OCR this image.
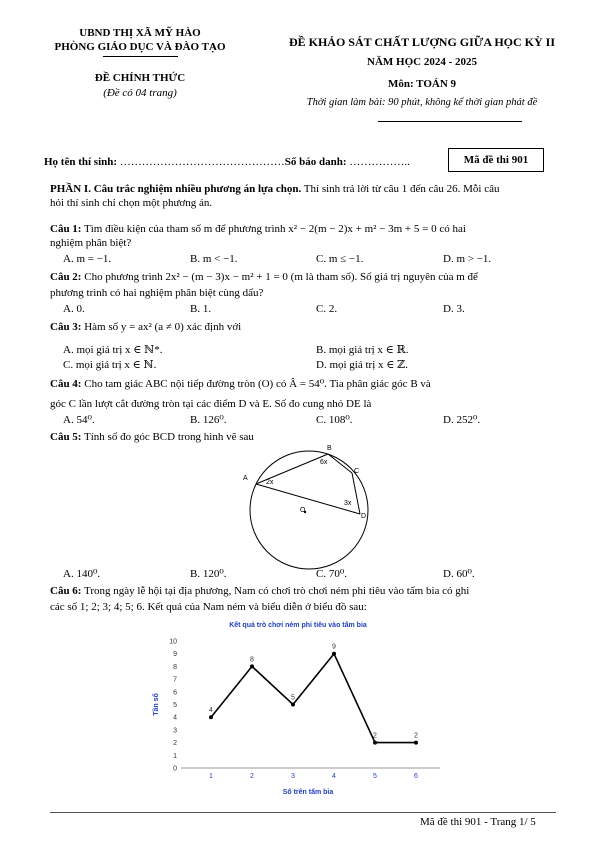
UBND THỊ XÃ MỸ HÀO
PHÒNG GIÁO DỤC VÀ ĐÀO TẠO
ĐỀ CHÍNH THỨC
(Đề có 04 trang)
ĐỀ KHẢO SÁT CHẤT LƯỢNG GIỮA HỌC KỲ II
NĂM HỌC 2024 - 2025
Môn: TOÁN 9
Thời gian làm bài: 90 phút, không kể thời gian phát đề
Họ tên thí sinh: ………………………………………Số báo danh: ……………..	Mã đề thi 901
PHẦN I. Câu trắc nghiệm nhiều phương án lựa chọn. Thí sinh trả lời từ câu 1 đến câu 26. Mỗi câu
hỏi thí sinh chỉ chọn một phương án.
Câu 1: Tìm điều kiện của tham số m để phương trình x² − 2(m − 2)x + m² − 3m + 5 = 0 có hai
nghiệm phân biệt?
A. m = −1.	B. m < −1.	C. m ≤ −1.	D. m > −1.
Câu 2: Cho phương trình 2x² − (m − 3)x − m² + 1 = 0 (m là tham số). Số giá trị nguyên của m để
phương trình có hai nghiệm phân biệt cùng dấu?
A. 0.	B. 1.	C. 2.	D. 3.
Câu 3: Hàm số y = ax² (a ≠ 0) xác định với
A. mọi giá trị x ∈ ℕ*.	B. mọi giá trị x ∈ ℝ.
C. mọi giá trị x ∈ ℕ.	D. mọi giá trị x ∈ ℤ.
Câu 4: Cho tam giác ABC nội tiếp đường tròn (O) có Â = 54⁰. Tia phân giác góc B và
góc C lần lượt cắt đường tròn tại các điểm D và E. Số đo cung nhỏ DE là
A. 54⁰.	B. 126⁰.	C. 108⁰.	D. 252⁰.
Câu 5: Tính số đo góc BCD trong hình vẽ sau
A
B
C
D
O
2x
6x
3x
A. 140⁰.	B. 120⁰.	C. 70⁰.	D. 60⁰.
Câu 6: Trong ngày lễ hội tại địa phương, Nam có chơi trò chơi ném phi tiêu vào tấm bia có ghi
các số 1; 2; 3; 4; 5; 6. Kết quả của Nam ném và biểu diễn ở biểu đồ sau:
Kết quả trò chơi ném phi tiêu vào tấm bia
Tần số
Số trên tấm bia
0
1
2
3
4
5
6
7
8
9
10
1	2	3	4	5	6
4
8
5
9
2	2
Mã đề thi 901 - Trang 1/ 5
